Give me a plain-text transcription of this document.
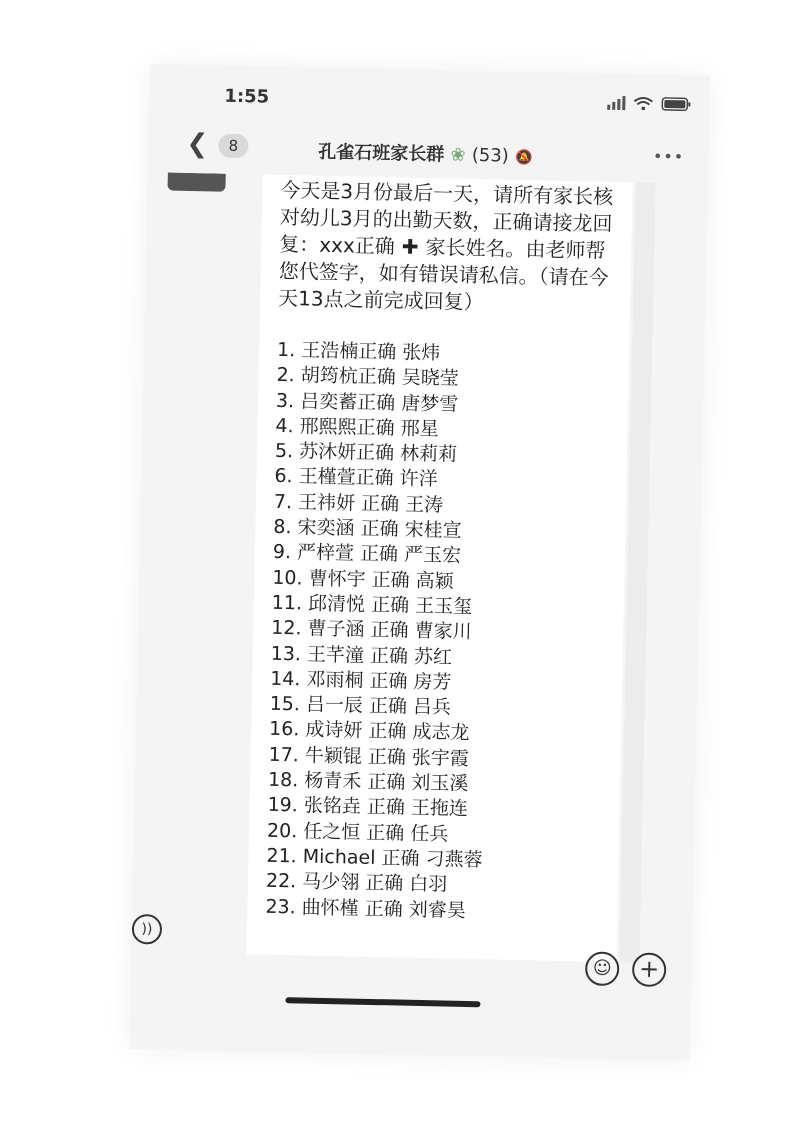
1:55
❮	8	孔雀石班家长群 ❀ (53) 🔕	•••
今天是3月份最后一天，请所有家长核对幼儿3月的出勤天数，正确请接龙回复：xxx正确 ✚ 家长姓名。由老师帮您代签字，如有错误请私信。（请在今天13点之前完成回复）
1. 王浩楠正确 张炜
2. 胡筠杭正确 吴晓莹
3. 吕奕蓄正确 唐梦雪
4. 邢熙熙正确 邢星
5. 苏沐妍正确 林莉莉
6. 王槿萱正确 许洋
7. 王祎妍 正确 王涛
8. 宋奕涵 正确 宋桂宣
9. 严梓萱 正确 严玉宏
10. 曹怀宇 正确 高颖
11. 邱清悦 正确 王玉玺
12. 曹子涵 正确 曹家川
13. 王芊潼 正确 苏红
14. 邓雨桐 正确 房芳
15. 吕一辰 正确 吕兵
16. 成诗妍 正确 成志龙
17. 牛颖锟 正确 张宇霞
18. 杨青禾 正确 刘玉溪
19. 张铭垚 正确 王拖连
20. 任之恒 正确 任兵
21. Michael 正确 刁燕蓉
22. 马少翎 正确 白羽
23. 曲怀槿 正确 刘睿昊
))
☺	+
